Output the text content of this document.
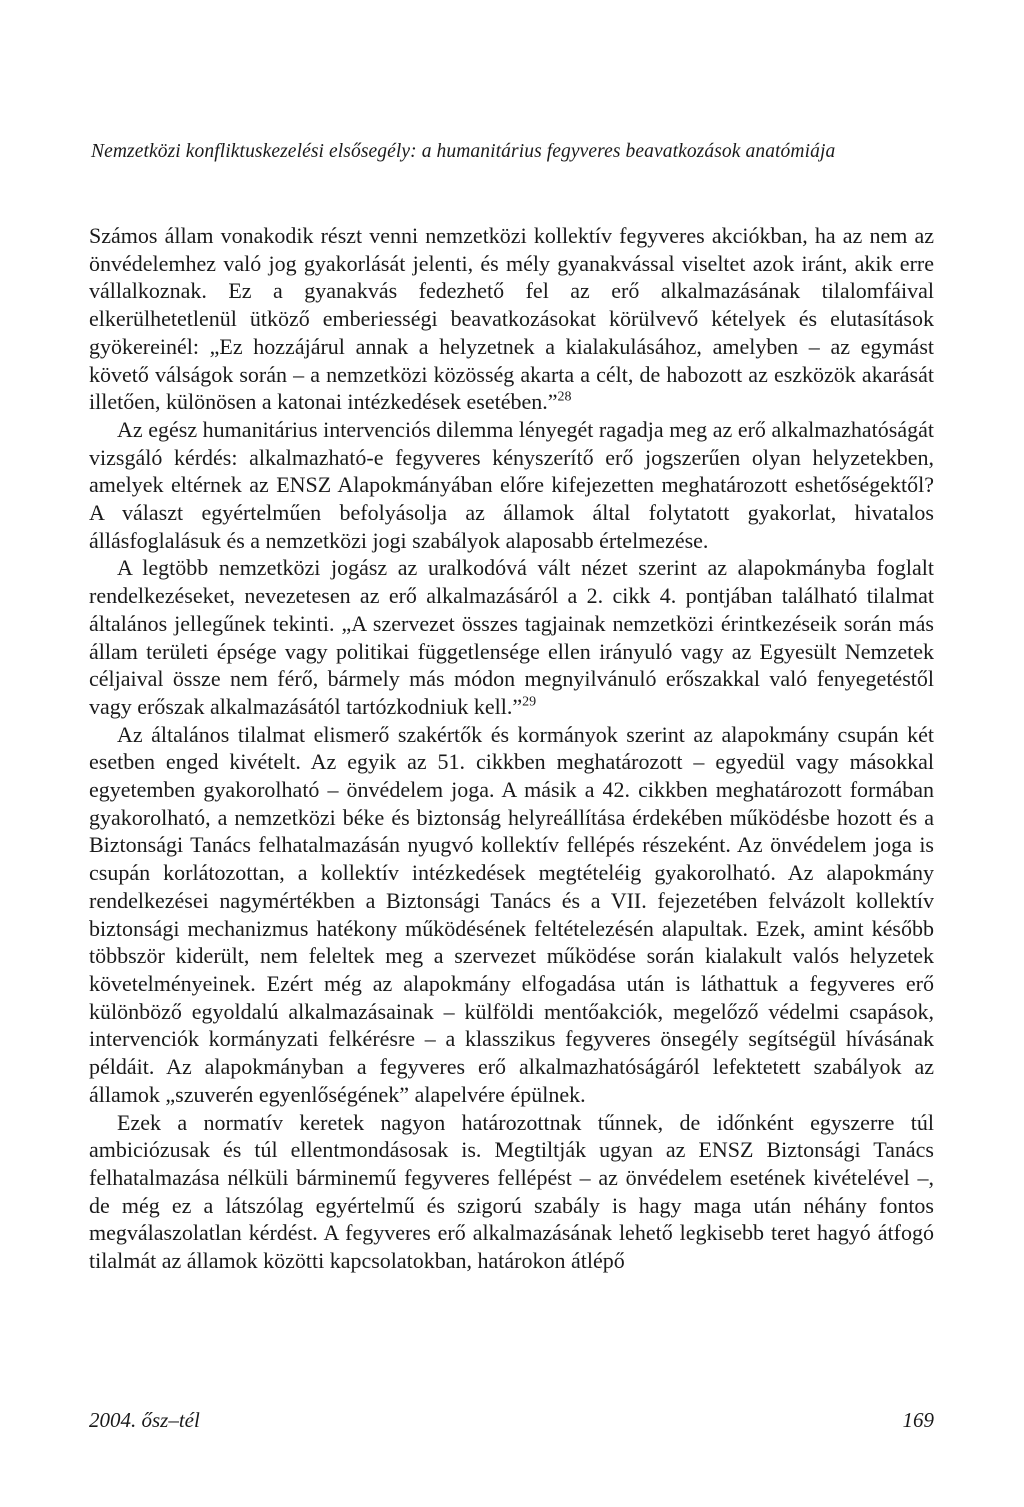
Nemzetközi konfliktuskezelési elsősegély: a humanitárius fegyveres beavatkozások anatómiája

Számos állam vonakodik részt venni nemzetközi kollektív fegyveres akciókban, ha az nem az önvédelemhez való jog gyakorlását jelenti, és mély gyanakvással viseltet azok iránt, akik erre vállalkoznak. Ez a gyanakvás fedezhető fel az erő alkalmazásának tilalomfáival elkerülhetetlenül ütköző emberiességi beavatkozásokat körülvevő kételyek és elutasítások gyökereinél: „Ez hozzájárul annak a helyzetnek a kialakulásához, amelyben – az egymást követő válságok során – a nemzetközi közösség akarta a célt, de habozott az eszközök akarását illetően, különösen a katonai intézkedések esetében.”$^{28}$

Az egész humanitárius intervenciós dilemma lényegét ragadja meg az erő alkalmazhatóságát vizsgáló kérdés: alkalmazható-e fegyveres kényszerítő erő jogszerűen olyan helyzetekben, amelyek eltérnek az ENSZ Alapokmányában előre kifejezetten meghatározott eshetőségektől? A választ egyértelműen befolyásolja az államok által folytatott gyakorlat, hivatalos állásfoglalásuk és a nemzetközi jogi szabályok alaposabb értelmezése.

A legtöbb nemzetközi jogász az uralkodóvá vált nézet szerint az alapokmányba foglalt rendelkezéseket, nevezetesen az erő alkalmazásáról a 2. cikk 4. pontjában található tilalmat általános jellegűnek tekinti. „A szervezet összes tagjainak nemzetközi érintkezéseik során más állam területi épsége vagy politikai függetlensége ellen irányuló vagy az Egyesült Nemzetek céljaival össze nem férő, bármely más módon megnyilvánuló erőszakkal való fenyegetéstől vagy erőszak alkalmazásától tartózkodniuk kell.”$^{29}$

Az általános tilalmat elismerő szakértők és kormányok szerint az alapokmány csupán két esetben enged kivételt. Az egyik az 51. cikkben meghatározott – egyedül vagy másokkal egyetemben gyakorolható – önvédelem joga. A másik a 42. cikkben meghatározott formában gyakorolható, a nemzetközi béke és biztonság helyreállítása érdekében működésbe hozott és a Biztonsági Tanács felhatalmazásán nyugvó kollektív fellépés részeként. Az önvédelem joga is csupán korlátozottan, a kollektív intézkedések megtételéig gyakorolható. Az alapokmány rendelkezései nagymértékben a Biztonsági Tanács és a VII. fejezetében felvázolt kollektív biztonsági mechanizmus hatékony működésének feltételezésén alapultak. Ezek, amint később többször kiderült, nem feleltek meg a szervezet működése során kialakult valós helyzetek követelményeinek. Ezért még az alapokmány elfogadása után is láthattuk a fegyveres erő különböző egyoldalú alkalmazásainak – külföldi mentőakciók, megelőző védelmi csapások, intervenciók kormányzati felkérésre – a klasszikus fegyveres önsegély segítségül hívásának példáit. Az alapokmányban a fegyveres erő alkalmazhatóságáról lefektetett szabályok az államok „szuverén egyenlőségének” alapelvére épülnek.

Ezek a normatív keretek nagyon határozottnak tűnnek, de időnként egyszerre túl ambiciózusak és túl ellentmondásosak is. Megtiltják ugyan az ENSZ Biztonsági Tanács felhatalmazása nélküli bárminemű fegyveres fellépést – az önvédelem esetének kivételével –, de még ez a látszólag egyértelmű és szigorú szabály is hagy maga után néhány fontos megválaszolatlan kérdést. A fegyveres erő alkalmazásának lehető legkisebb teret hagyó átfogó tilalmát az államok közötti kapcsolatokban, határokon átlépő

2004. ősz–tél	169
